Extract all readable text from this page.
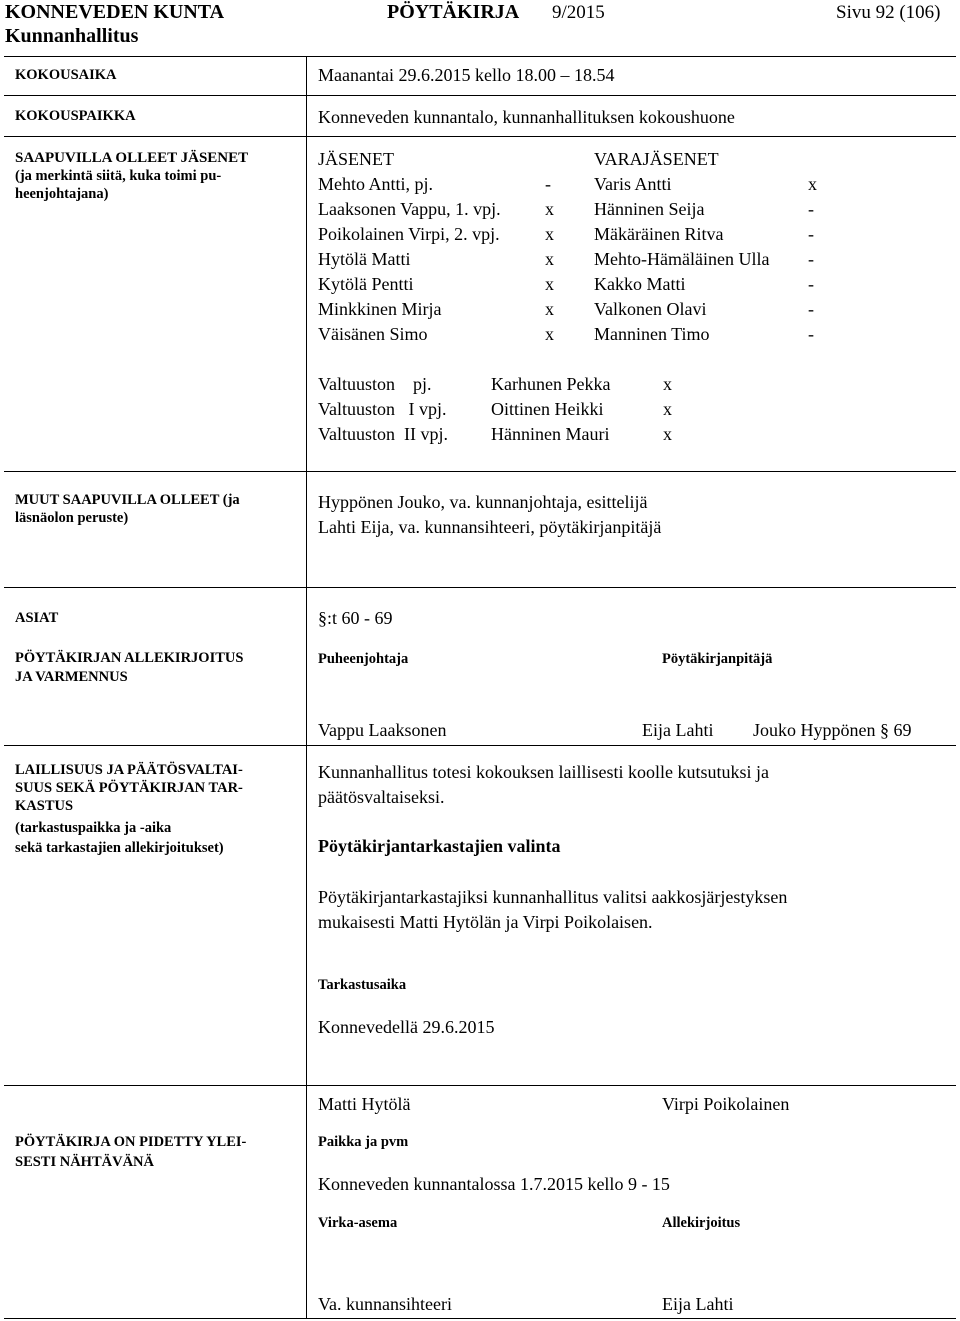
KONNEVEDEN KUNTA	PÖYTÄKIRJA 9/2015	Sivu 92 (106)
Kunnanhallitus
KOKOUSAIKA	Maanantai 29.6.2015 kello 18.00 – 18.54
KOKOUSPAIKKA	Konneveden kunnantalo, kunnanhallituksen kokoushuone
SAAPUVILLA OLLEET JÄSENET
(ja merkintä siitä, kuka toimi pu-
heenjohtajana)
JÄSENET	VARAJÄSENET
Mehto Antti, pj.	- Varis Antti	x
Laaksonen Vappu, 1. vpj. x Hänninen Seija	-
Poikolainen Virpi, 2. vpj.	x Mäkäräinen Ritva	-
Hytölä Matti	x Mehto-Hämäläinen Ulla -
Kytölä Pentti	x Kakko Matti	-
Minkkinen Mirja	x Valkonen Olavi	-
Väisänen Simo	x Manninen Timo	-
Valtuuston    pj.	Karhunen Pekka	x
Valtuuston   I vpj. Oittinen Heikki	x
Valtuuston  II vpj. Hänninen Mauri	x
MUUT SAAPUVILLA OLLEET (ja
läsnäolon peruste)
Hyppönen Jouko, va. kunnanjohtaja, esittelijä
Lahti Eija, va. kunnansihteeri, pöytäkirjanpitäjä
ASIAT	§:t 60 - 69
PÖYTÄKIRJAN ALLEKIRJOITUS
JA VARMENNUS
Puheenjohtaja	Pöytäkirjanpitäjä
Vappu Laaksonen	Eija Lahti Jouko Hyppönen § 69
LAILLISUUS JA PÄÄTÖSVALTAI-
SUUS SEKÄ PÖYTÄKIRJAN TAR-
KASTUS
(tarkastuspaikka ja -aika
sekä tarkastajien allekirjoitukset)
Kunnanhallitus totesi kokouksen laillisesti koolle kutsutuksi ja
päätösvaltaiseksi.
Pöytäkirjantarkastajien valinta
Pöytäkirjantarkastajiksi kunnanhallitus valitsi aakkosjärjestyksen
mukaisesti Matti Hytölän ja Virpi Poikolaisen.
Tarkastusaika
Konnevedellä 29.6.2015
Matti Hytölä	Virpi Poikolainen
PÖYTÄKIRJA ON PIDETTY YLEI-
SESTI NÄHTÄVÄNÄ
Paikka ja pvm
Konneveden kunnantalossa 1.7.2015 kello 9 - 15
Virka-asema	Allekirjoitus
Va. kunnansihteeri	Eija Lahti
